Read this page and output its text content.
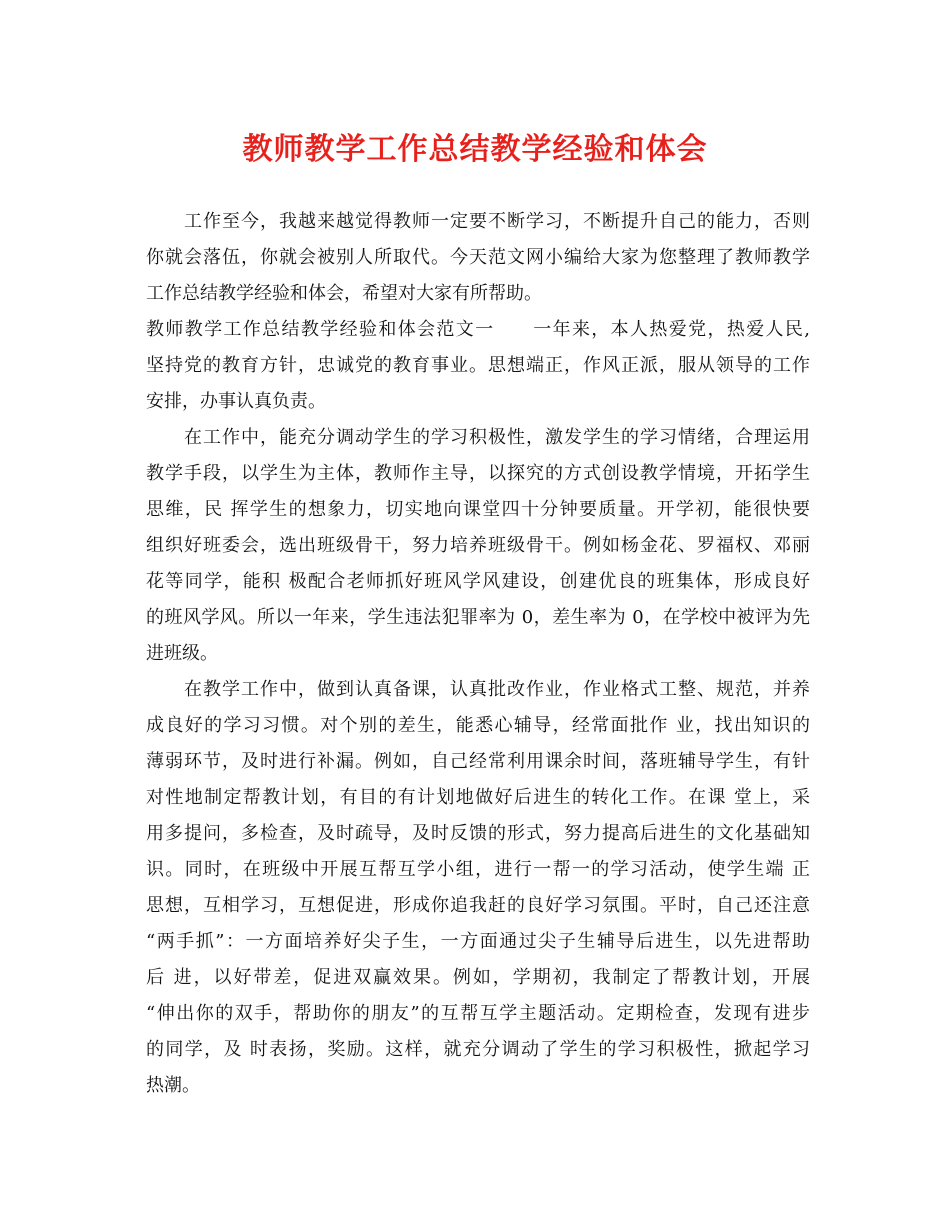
教师教学工作总结教学经验和体会
工作至今，我越来越觉得教师一定要不断学习，不断提升自己的能力，否则
你就会落伍，你就会被别人所取代。今天范文网小编给大家为您整理了教师教学
工作总结教学经验和体会，希望对大家有所帮助。
教师教学工作总结教学经验和体会范文一　　一年来，本人热爱党，热爱人民,
坚持党的教育方针，忠诚党的教育事业。思想端正，作风正派，服从领导的工作
安排，办事认真负责。
在工作中，能充分调动学生的学习积极性，激发学生的学习情绪，合理运用
教学手段，以学生为主体，教师作主导，以探究的方式创设教学情境，开拓学生
思维，民 挥学生的想象力，切实地向课堂四十分钟要质量。开学初，能很快要
组织好班委会，选出班级骨干，努力培养班级骨干。例如杨金花、罗福权、邓丽
花等同学，能积 极配合老师抓好班风学风建设，创建优良的班集体，形成良好
的班风学风。所以一年来，学生违法犯罪率为 0，差生率为 0，在学校中被评为先
进班级。
在教学工作中，做到认真备课，认真批改作业，作业格式工整、规范，并养
成良好的学习习惯。对个别的差生，能悉心辅导，经常面批作 业，找出知识的
薄弱环节，及时进行补漏。例如，自己经常利用课余时间，落班辅导学生，有针
对性地制定帮教计划，有目的有计划地做好后进生的转化工作。在课 堂上，采
用多提问，多检查，及时疏导，及时反馈的形式，努力提高后进生的文化基础知
识。同时，在班级中开展互帮互学小组，进行一帮一的学习活动，使学生端 正
思想，互相学习，互想促进，形成你追我赶的良好学习氛围。平时，自己还注意
“两手抓”：一方面培养好尖子生，一方面通过尖子生辅导后进生，以先进帮助
后 进，以好带差，促进双赢效果。例如，学期初，我制定了帮教计划，开展
“伸出你的双手，帮助你的朋友”的互帮互学主题活动。定期检查，发现有进步
的同学，及 时表扬，奖励。这样，就充分调动了学生的学习积极性，掀起学习
热潮。
